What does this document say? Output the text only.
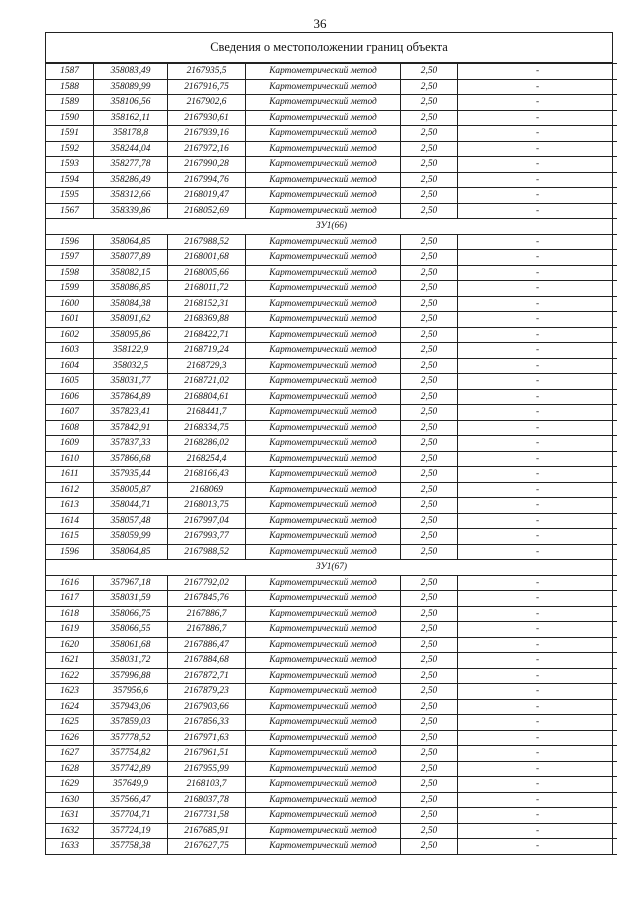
36
Сведения о местоположении границ объекта
1587	358083,49	2167935,5	Картометрический метод	2,50	-
1588	358089,99	2167916,75	Картометрический метод	2,50	-
1589	358106,56	2167902,6	Картометрический метод	2,50	-
1590	358162,11	2167930,61	Картометрический метод	2,50	-
1591	358178,8	2167939,16	Картометрический метод	2,50	-
1592	358244,04	2167972,16	Картометрический метод	2,50	-
1593	358277,78	2167990,28	Картометрический метод	2,50	-
1594	358286,49	2167994,76	Картометрический метод	2,50	-
1595	358312,66	2168019,47	Картометрический метод	2,50	-
1567	358339,86	2168052,69	Картометрический метод	2,50	-
ЗУ1(66)					
1596	358064,85	2167988,52	Картометрический метод	2,50	-
1597	358077,89	2168001,68	Картометрический метод	2,50	-
1598	358082,15	2168005,66	Картометрический метод	2,50	-
1599	358086,85	2168011,72	Картометрический метод	2,50	-
1600	358084,38	2168152,31	Картометрический метод	2,50	-
1601	358091,62	2168369,88	Картометрический метод	2,50	-
1602	358095,86	2168422,71	Картометрический метод	2,50	-
1603	358122,9	2168719,24	Картометрический метод	2,50	-
1604	358032,5	2168729,3	Картометрический метод	2,50	-
1605	358031,77	2168721,02	Картометрический метод	2,50	-
1606	357864,89	2168804,61	Картометрический метод	2,50	-
1607	357823,41	2168441,7	Картометрический метод	2,50	-
1608	357842,91	2168334,75	Картометрический метод	2,50	-
1609	357837,33	2168286,02	Картометрический метод	2,50	-
1610	357866,68	2168254,4	Картометрический метод	2,50	-
1611	357935,44	2168166,43	Картометрический метод	2,50	-
1612	358005,87	2168069	Картометрический метод	2,50	-
1613	358044,71	2168013,75	Картометрический метод	2,50	-
1614	358057,48	2167997,04	Картометрический метод	2,50	-
1615	358059,99	2167993,77	Картометрический метод	2,50	-
1596	358064,85	2167988,52	Картометрический метод	2,50	-
ЗУ1(67)					
1616	357967,18	2167792,02	Картометрический метод	2,50	-
1617	358031,59	2167845,76	Картометрический метод	2,50	-
1618	358066,75	2167886,7	Картометрический метод	2,50	-
1619	358066,55	2167886,7	Картометрический метод	2,50	-
1620	358061,68	2167886,47	Картометрический метод	2,50	-
1621	358031,72	2167884,68	Картометрический метод	2,50	-
1622	357996,88	2167872,71	Картометрический метод	2,50	-
1623	357956,6	2167879,23	Картометрический метод	2,50	-
1624	357943,06	2167903,66	Картометрический метод	2,50	-
1625	357859,03	2167856,33	Картометрический метод	2,50	-
1626	357778,52	2167971,63	Картометрический метод	2,50	-
1627	357754,82	2167961,51	Картометрический метод	2,50	-
1628	357742,89	2167955,99	Картометрический метод	2,50	-
1629	357649,9	2168103,7	Картометрический метод	2,50	-
1630	357566,47	2168037,78	Картометрический метод	2,50	-
1631	357704,71	2167731,58	Картометрический метод	2,50	-
1632	357724,19	2167685,91	Картометрический метод	2,50	-
1633	357758,38	2167627,75	Картометрический метод	2,50	-
